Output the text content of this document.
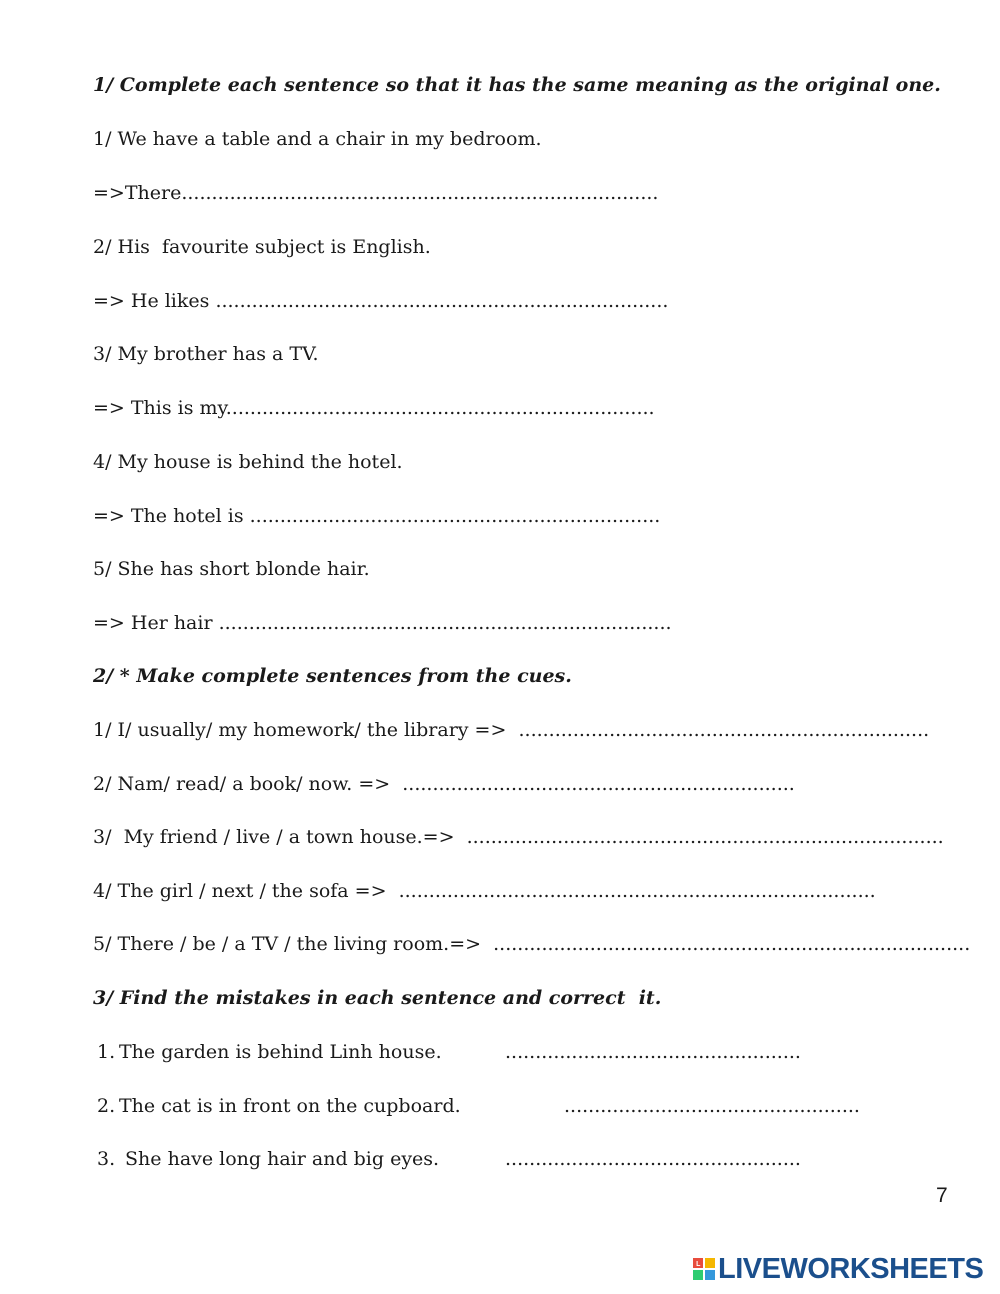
1/ Complete each sentence so that it has the same meaning as the original one.
1/ We have a table and a chair in my bedroom.
=>There...............................................................................
2/ His  favourite subject is English.
=> He likes ...........................................................................
3/ My brother has a TV.
=> This is my.......................................................................
4/ My house is behind the hotel.
=> The hotel is ....................................................................
5/ She has short blonde hair.
=> Her hair ...........................................................................
2/ * Make complete sentences from the cues.
1/ I/ usually/ my homework/ the library =>  ....................................................................
2/ Nam/ read/ a book/ now. =>  .................................................................
3/  My friend / live / a town house.=>  ...............................................................................
4/ The girl / next / the sofa =>  ...............................................................................
5/ There / be / a TV / the living room.=>  ...............................................................................
3/ Find the mistakes in each sentence and correct  it.
1. The garden is behind Linh house.	.................................................
2. The cat is in front on the cupboard.	.................................................
3. She have long hair and big eyes.	.................................................
7
L LIVEWORKSHEETS
